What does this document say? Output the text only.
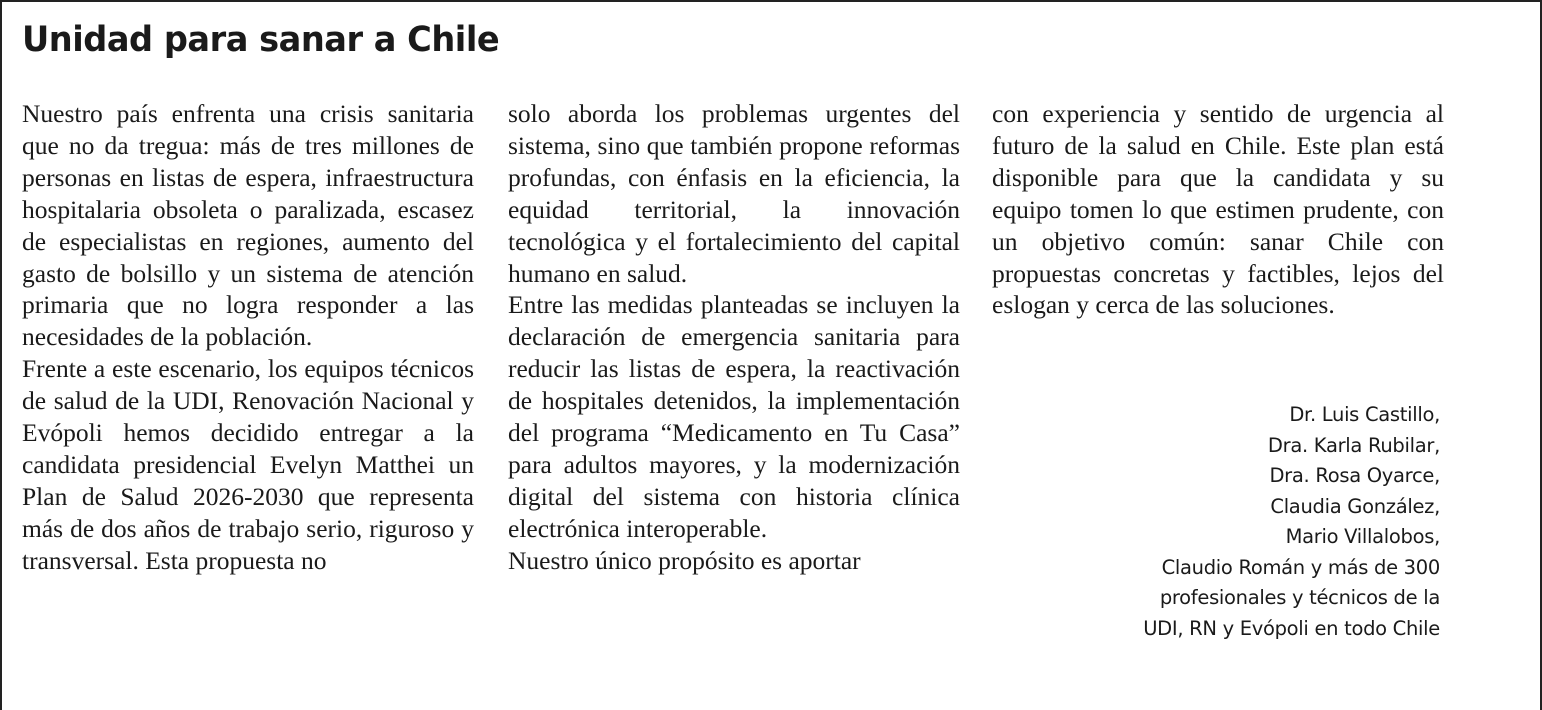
Unidad para sanar a Chile

Nuestro país enfrenta una crisis sanitaria que no da tregua: más de tres millones de personas en listas de espera, infraestructura hospitalaria obsoleta o paralizada, escasez de especialistas en regiones, aumento del gasto de bolsillo y un sistema de atención primaria que no logra responder a las necesidades de la población.

Frente a este escenario, los equipos técnicos de salud de la UDI, Renovación Nacional y Evópoli hemos decidido entregar a la candidata presidencial Evelyn Matthei un Plan de Salud 2026-2030 que representa más de dos años de trabajo serio, riguroso y transversal. Esta propuesta no

solo aborda los problemas urgentes del sistema, sino que también propone reformas profundas, con énfasis en la eficiencia, la equidad territorial, la innovación tecnológica y el fortalecimiento del capital humano en salud.

Entre las medidas planteadas se incluyen la declaración de emergencia sanitaria para reducir las listas de espera, la reactivación de hospitales detenidos, la implementación del programa “Medicamento en Tu Casa” para adultos mayores, y la modernización digital del sistema con historia clínica electrónica interoperable.

Nuestro único propósito es aportar

con experiencia y sentido de urgencia al futuro de la salud en Chile. Este plan está disponible para que la candidata y su equipo tomen lo que estimen prudente, con un objetivo común: sanar Chile con propuestas concretas y factibles, lejos del eslogan y cerca de las soluciones.

Dr. Luis Castillo,
Dra. Karla Rubilar,
Dra. Rosa Oyarce,
Claudia González,
Mario Villalobos,
Claudio Román y más de 300
profesionales y técnicos de la
UDI, RN y Evópoli en todo Chile
